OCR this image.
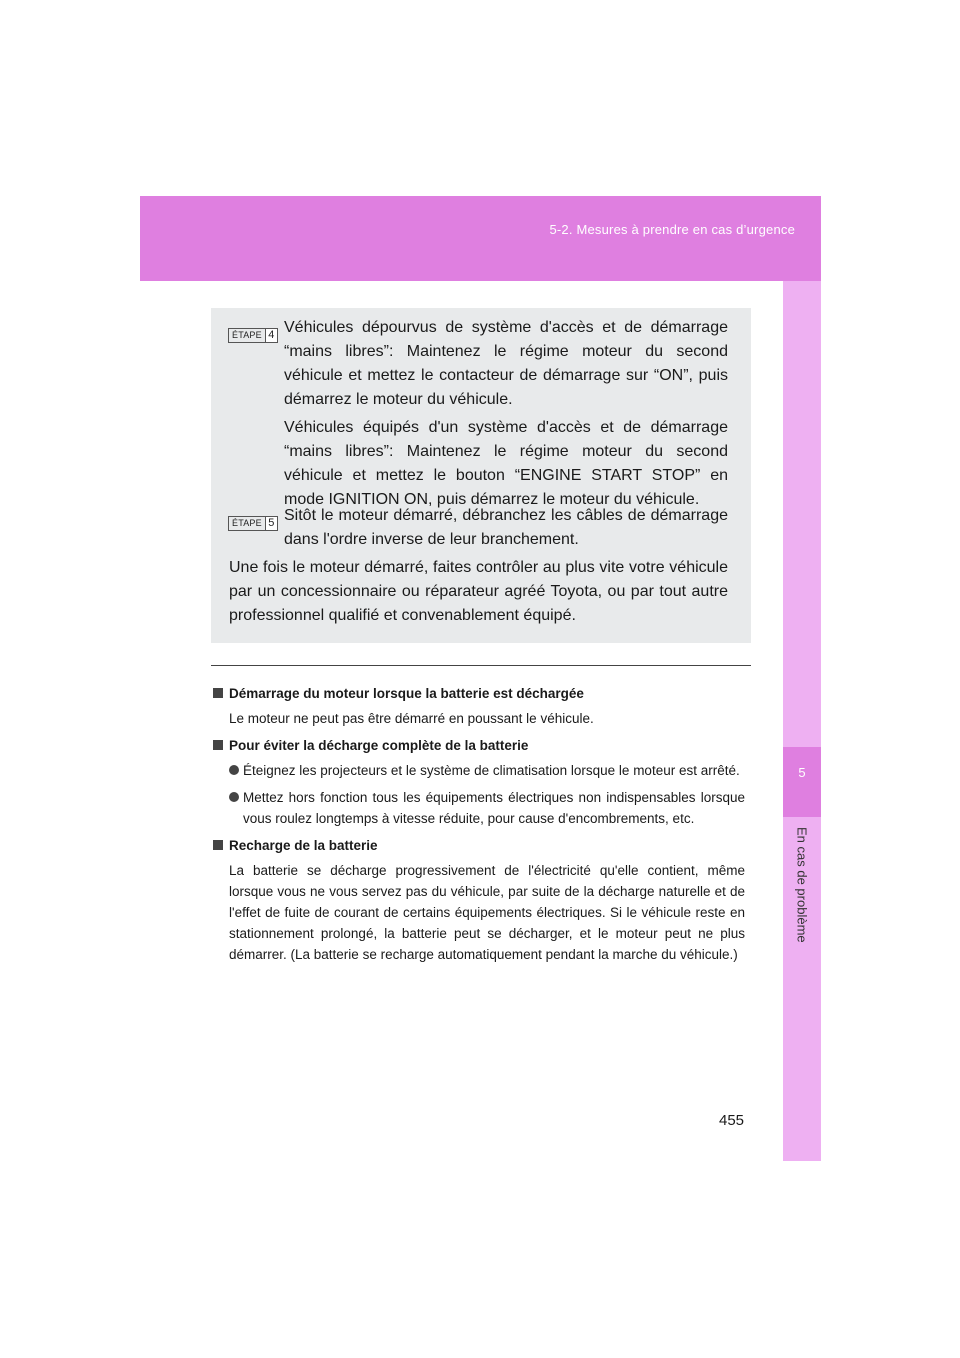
5-2. Mesures à prendre en cas d’urgence
5
En cas de problème
ÉTAPE 4 Véhicules dépourvus de système d'accès et de démarrage “mains libres”: Maintenez le régime moteur du second véhicule et mettez le contacteur de démarrage sur “ON”, puis démarrez le moteur du véhicule.

Véhicules équipés d'un système d'accès et de démarrage “mains libres”: Maintenez le régime moteur du second véhicule et mettez le bouton “ENGINE START STOP” en mode IGNITION ON, puis démarrez le moteur du véhicule.

ÉTAPE 5 Sitôt le moteur démarré, débranchez les câbles de démarrage dans l'ordre inverse de leur branchement.

Une fois le moteur démarré, faites contrôler au plus vite votre véhicule par un concessionnaire ou réparateur agréé Toyota, ou par tout autre professionnel qualifié et convenablement équipé.

Démarrage du moteur lorsque la batterie est déchargée
Le moteur ne peut pas être démarré en poussant le véhicule.
Pour éviter la décharge complète de la batterie
Éteignez les projecteurs et le système de climatisation lorsque le moteur est arrêté.
Mettez hors fonction tous les équipements électriques non indispensables lorsque vous roulez longtemps à vitesse réduite, pour cause d'encombrements, etc.
Recharge de la batterie
La batterie se décharge progressivement de l'électricité qu'elle contient, même lorsque vous ne vous servez pas du véhicule, par suite de la décharge naturelle et de l'effet de fuite de courant de certains équipements électriques. Si le véhicule reste en stationnement prolongé, la batterie peut se décharger, et le moteur peut ne plus démarrer. (La batterie se recharge automatiquement pendant la marche du véhicule.)
455
